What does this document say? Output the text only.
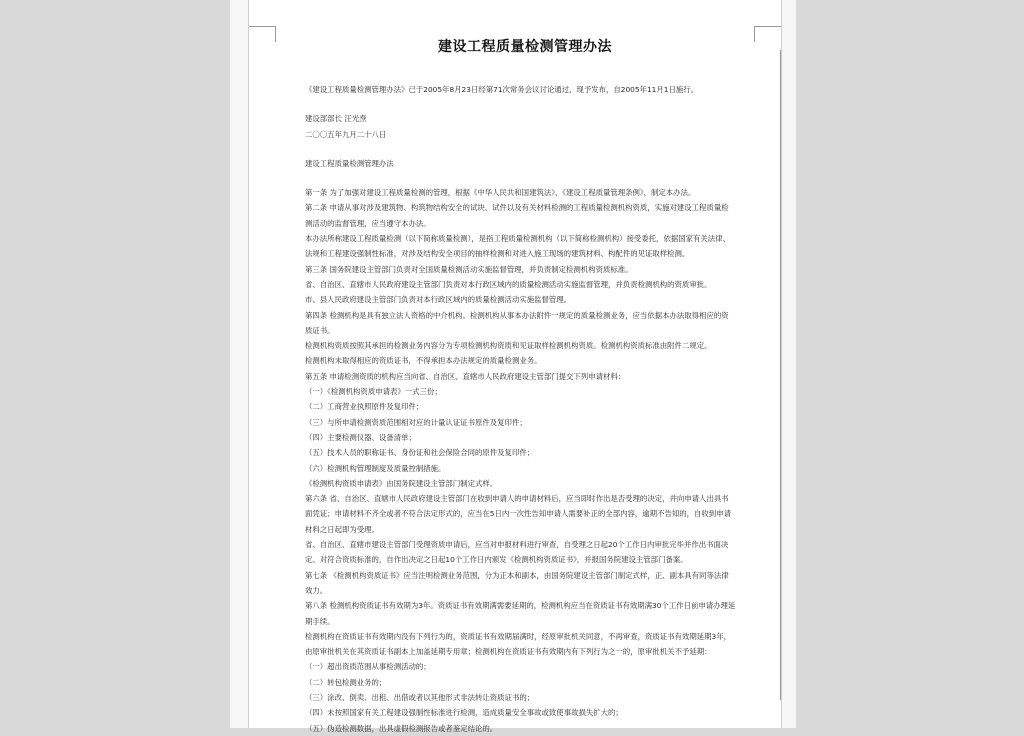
建设工程质量检测管理办法
《建设工程质量检测管理办法》已于2005年8月23日经第71次常务会议讨论通过，现予发布，自2005年11月1日施行。
建设部部长 汪光焘
二〇〇五年九月二十八日
建设工程质量检测管理办法
第一条 为了加强对建设工程质量检测的管理，根据《中华人民共和国建筑法》、《建设工程质量管理条例》，制定本办法。
第二条 申请从事对涉及建筑物、构筑物结构安全的试块、试件以及有关材料检测的工程质量检测机构资质，实施对建设工程质量检
测活动的监督管理，应当遵守本办法。
本办法所称建设工程质量检测（以下简称质量检测），是指工程质量检测机构（以下简称检测机构）接受委托，依据国家有关法律、
法规和工程建设强制性标准，对涉及结构安全项目的抽样检测和对进入施工现场的建筑材料、构配件的见证取样检测。
第三条 国务院建设主管部门负责对全国质量检测活动实施监督管理，并负责制定检测机构资质标准。
省、自治区、直辖市人民政府建设主管部门负责对本行政区域内的质量检测活动实施监督管理，并负责检测机构的资质审批。
市、县人民政府建设主管部门负责对本行政区域内的质量检测活动实施监督管理。
第四条 检测机构是具有独立法人资格的中介机构。检测机构从事本办法附件一规定的质量检测业务，应当依据本办法取得相应的资
质证书。
检测机构资质按照其承担的检测业务内容分为专项检测机构资质和见证取样检测机构资质。检测机构资质标准由附件二规定。
检测机构未取得相应的资质证书，不得承担本办法规定的质量检测业务。
第五条 申请检测资质的机构应当向省、自治区、直辖市人民政府建设主管部门提交下列申请材料：
（一）《检测机构资质申请表》一式三份；
（二）工商营业执照原件及复印件；
（三）与所申请检测资质范围相对应的计量认证证书原件及复印件；
（四）主要检测仪器、设备清单；
（五）技术人员的职称证书、身份证和社会保险合同的原件及复印件；
（六）检测机构管理制度及质量控制措施。
《检测机构资质申请表》由国务院建设主管部门制定式样。
第六条 省、自治区、直辖市人民政府建设主管部门在收到申请人的申请材料后，应当即时作出是否受理的决定，并向申请人出具书
面凭证；申请材料不齐全或者不符合法定形式的，应当在5日内一次性告知申请人需要补正的全部内容，逾期不告知的，自收到申请
材料之日起即为受理。
省、自治区、直辖市建设主管部门受理资质申请后，应当对申报材料进行审查，自受理之日起20个工作日内审批完毕并作出书面决
定。对符合资质标准的，自作出决定之日起10个工作日内颁发《检测机构资质证书》，并报国务院建设主管部门备案。
第七条 《检测机构资质证书》应当注明检测业务范围，分为正本和副本，由国务院建设主管部门制定式样，正、副本具有同等法律
效力。
第八条 检测机构资质证书有效期为3年。资质证书有效期满需要延期的，检测机构应当在资质证书有效期满30个工作日前申请办理延
期手续。
检测机构在资质证书有效期内没有下列行为的，资质证书有效期届满时，经原审批机关同意，不再审查，资质证书有效期延期3年，
由原审批机关在其资质证书副本上加盖延期专用章；检测机构在资质证书有效期内有下列行为之一的，原审批机关不予延期：
（一）超出资质范围从事检测活动的；
（二）转包检测业务的；
（三）涂改、倒卖、出租、出借或者以其他形式非法转让资质证书的；
（四）未按照国家有关工程建设强制性标准进行检测，造成质量安全事故或致使事故损失扩大的；
（五）伪造检测数据，出具虚假检测报告或者鉴定结论的。
